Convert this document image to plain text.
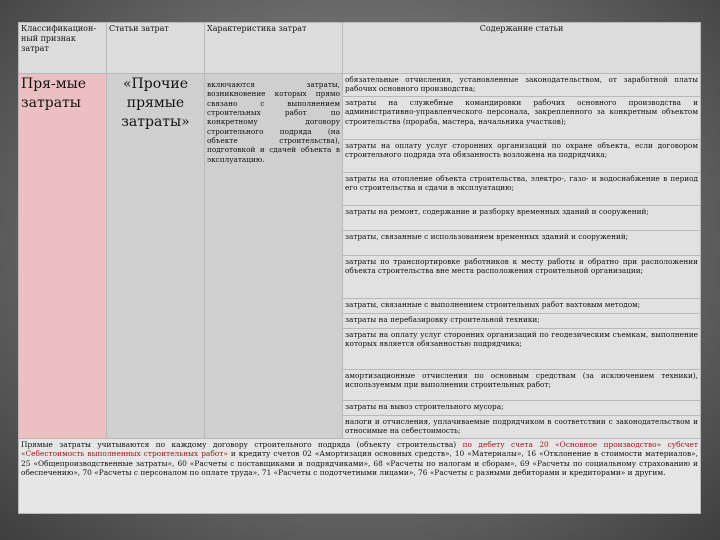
Классификацион-ный признак затрат	Статьи затрат	Характеристика затрат	Содержание статьи
Пря-мые затраты	«Прочие прямые затраты»	включаются затраты, возникновение которых прямо связано с выполнением строительных работ по конкретному договору строительного подряда (на объекте строительства), подготовкой и сдачей объекта в эксплуатацию.	обязательные отчисления, установленные законодательством, от заработной платы рабочих основного производства;
			затраты на служебные командировки рабочих основного производства и административно-управленческого персонала, закрепленного за конкретным объектом строительства (прораба, мастера, начальника участков);
			затраты на оплату услуг сторонних организаций по охране объекта, если договором строительного подряда эта обязанность возложена на подрядчика;
			затраты на отопление объекта строительства, электро-, газо- и водоснабжение в период его строительства и сдачи в эксплуатацию;
			затраты на ремонт, содержание и разборку временных зданий и сооружений;
			затраты, связанные с использованием временных зданий и сооружений;
			затраты по транспортировке работников к месту работы и обратно при расположении объекта строительства вне места расположения строительной организации;
			затраты, связанные с выполнением строительных работ вахтовым методом;
			затраты на перебазировку строительной техники;
			затраты на оплату услуг сторонних организаций по геодезическим съемкам, выполнение которых является обязанностью подрядчика;
			амортизационные отчисления по основным средствам (за исключением техники), используемым при выполнении строительных работ;
			затраты на вывоз строительного мусора;
			налоги и отчисления, уплачиваемые подрядчиком в соответствии с законодательством и относимые на себестоимость;
Прямые затраты учитываются по каждому договору строительного подряда (объекту строительства) по дебету счета 20 «Основное производство» субсчет «Себестоимость выполненных строительных работ» и кредиту счетов 02 «Амортизация основных средств», 10 «Материалы», 16 «Отклонение в стоимости материалов», 25 «Общепроизводственные затраты», 60 «Расчеты с поставщиками и подрядчиками», 68 «Расчеты по налогам и сборам», 69 «Расчеты по социальному страхованию и обеспечению», 70 «Расчеты с персоналом по оплате труда», 71 «Расчеты с подотчетными лицами», 76 «Расчеты с разными дебиторами и кредиторами» и другим.			
